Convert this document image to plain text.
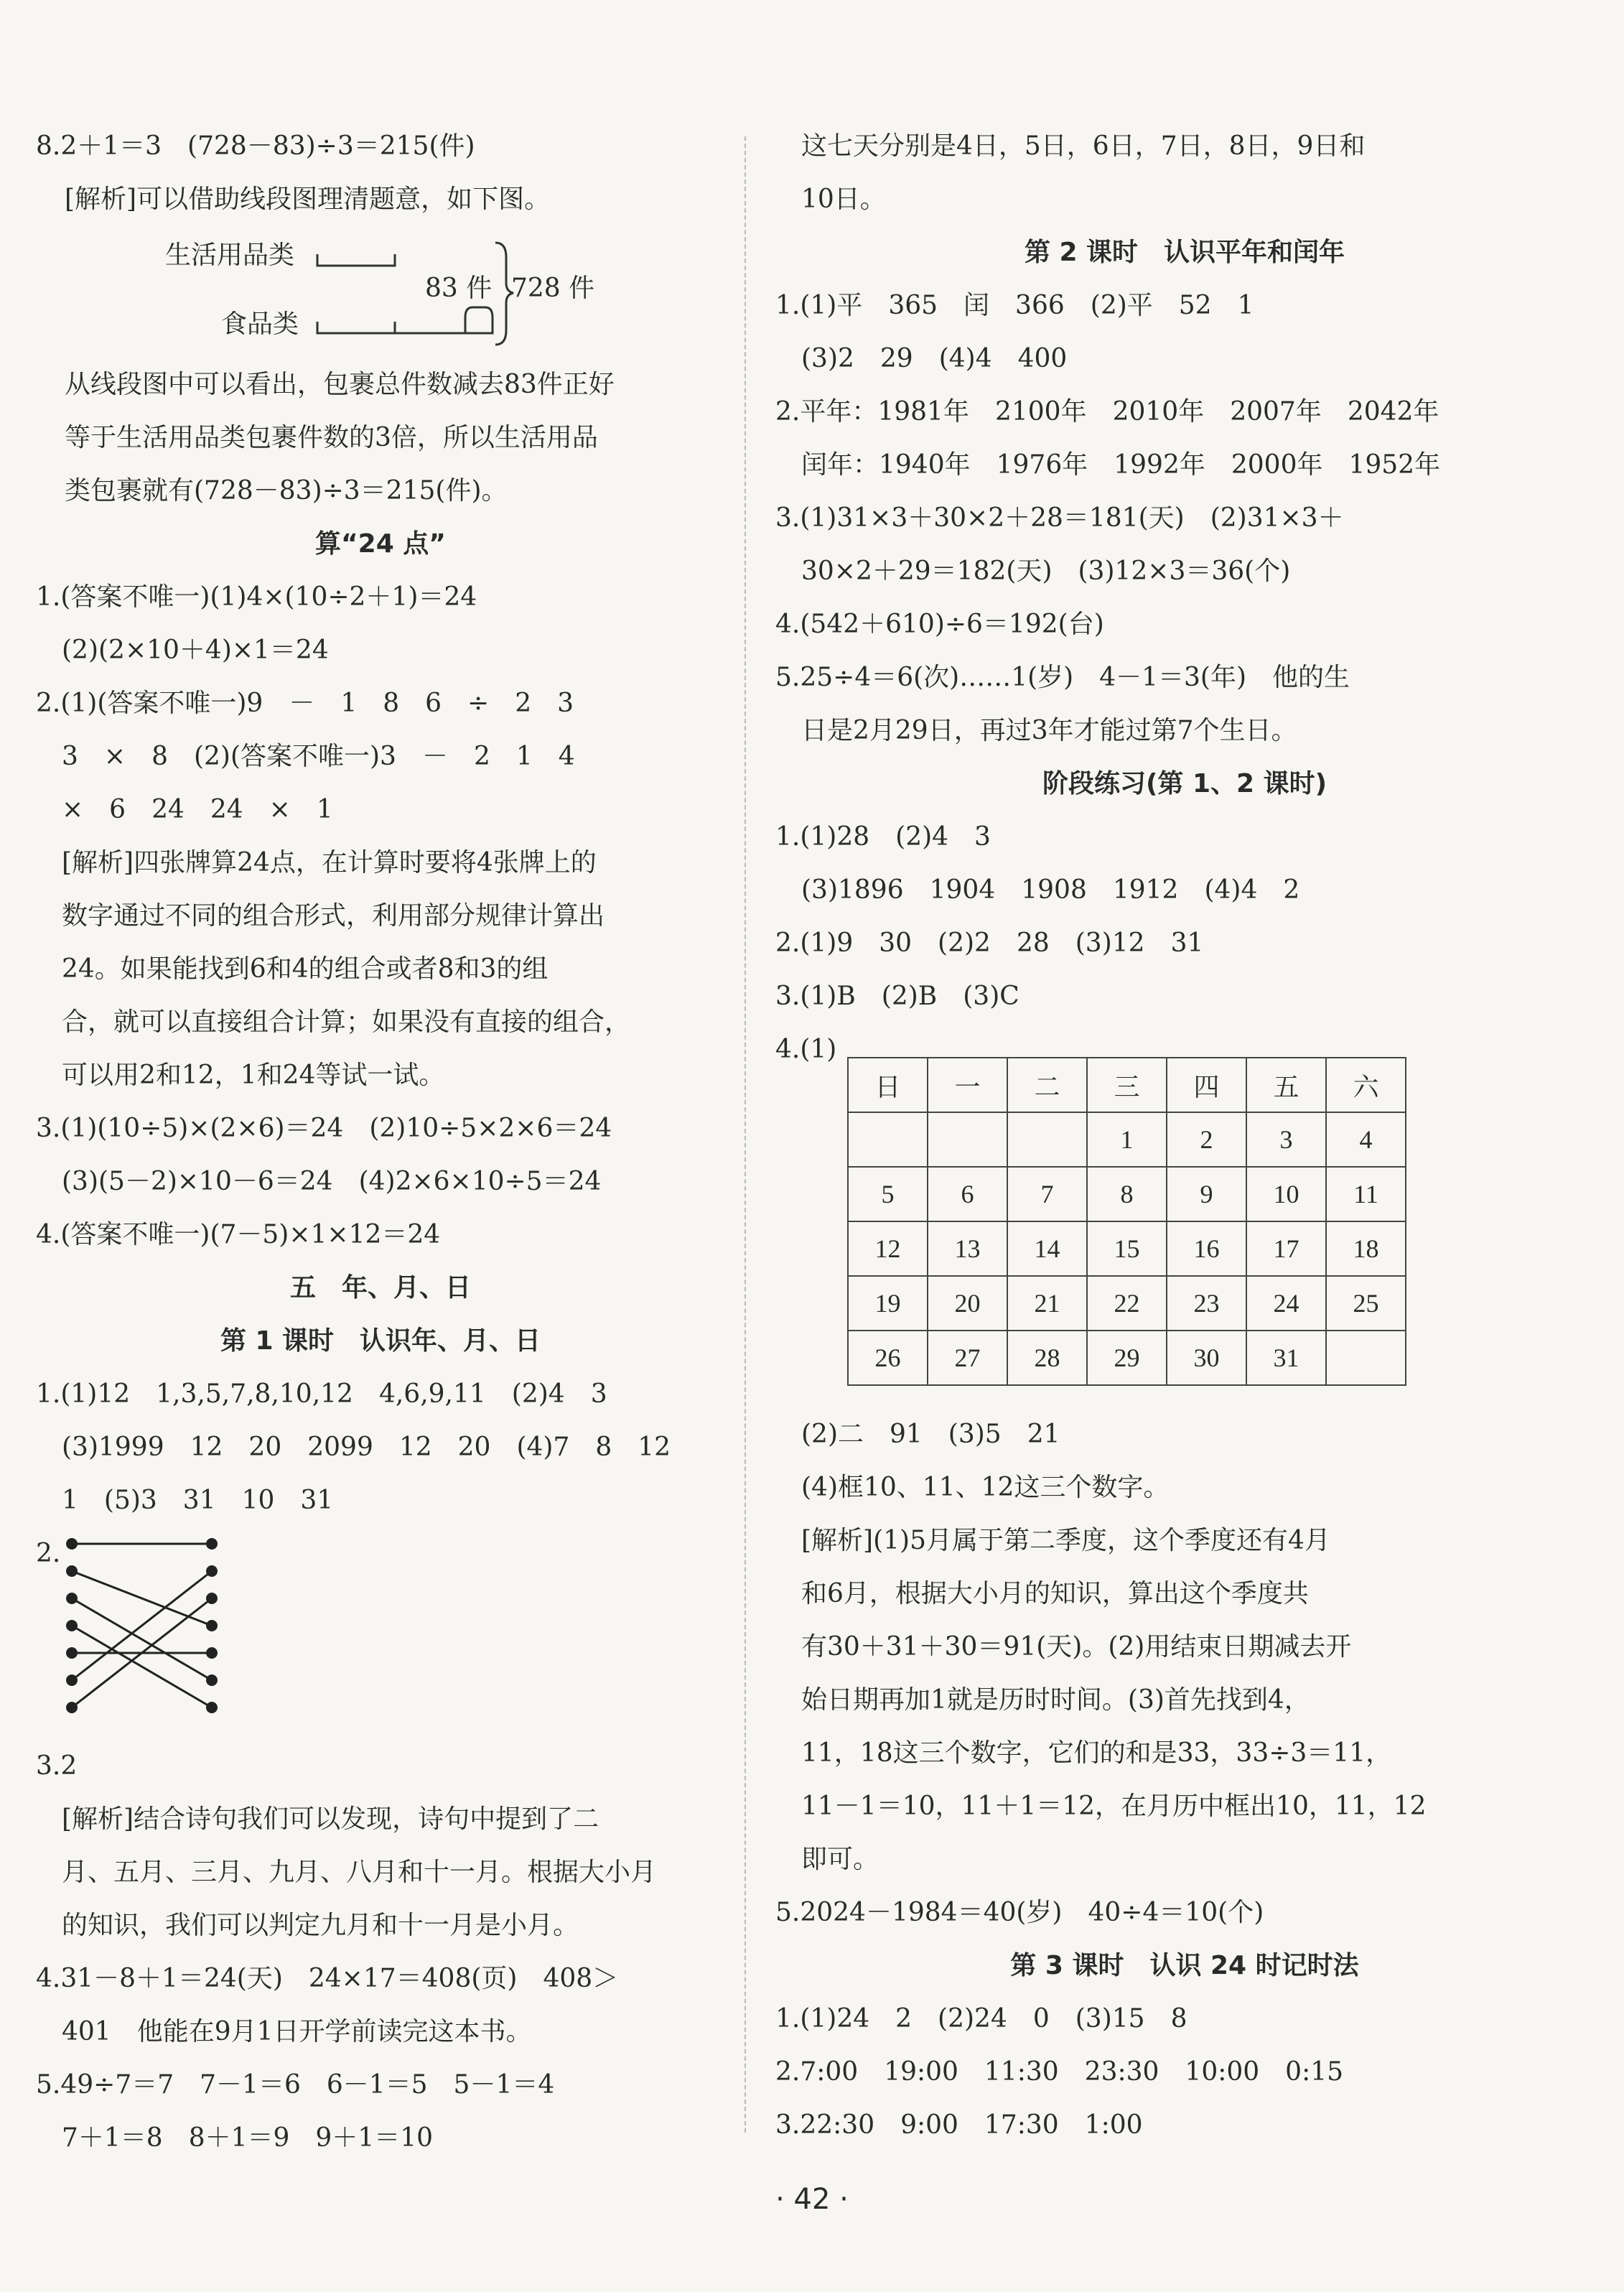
8.2＋1＝3　(728－83)÷3＝215(件)
[解析]可以借助线段图理清题意，如下图。
生活用品类
食品类
83 件 728 件
从线段图中可以看出，包裹总件数减去83件正好
等于生活用品类包裹件数的3倍，所以生活用品
类包裹就有(728－83)÷3＝215(件)。
算“24 点”
1.(答案不唯一)(1)4×(10÷2＋1)＝24
　(2)(2×10＋4)×1＝24
2.(1)(答案不唯一)9　－　1　8　6　÷　2　3
　3　×　8　(2)(答案不唯一)3　－　2　1　4
　×　6　24　24　×　1
　[解析]四张牌算24点，在计算时要将4张牌上的
　数字通过不同的组合形式，利用部分规律计算出
　24。如果能找到6和4的组合或者8和3的组
　合，就可以直接组合计算；如果没有直接的组合，
　可以用2和12，1和24等试一试。
3.(1)(10÷5)×(2×6)＝24　(2)10÷5×2×6＝24
　(3)(5－2)×10－6＝24　(4)2×6×10÷5＝24
4.(答案不唯一)(7－5)×1×12＝24
五　年、月、日
第 1 课时　认识年、月、日
1.(1)12　1,3,5,7,8,10,12　4,6,9,11　(2)4　3
　(3)1999　12　20　2099　12　20　(4)7　8　12
　1　(5)3　31　10　31
2.
3.2
　[解析]结合诗句我们可以发现，诗句中提到了二
　月、五月、三月、九月、八月和十一月。根据大小月
　的知识，我们可以判定九月和十一月是小月。
4.31－8＋1＝24(天)　24×17＝408(页)　408＞
　401　他能在9月1日开学前读完这本书。
5.49÷7＝7　7－1＝6　6－1＝5　5－1＝4
　7＋1＝8　8＋1＝9　9＋1＝10
　这七天分别是4日，5日，6日，7日，8日，9日和
　10日。
第 2 课时　认识平年和闰年
1.(1)平　365　闰　366　(2)平　52　1
　(3)2　29　(4)4　400
2.平年：1981年　2100年　2010年　2007年　2042年
　闰年：1940年　1976年　1992年　2000年　1952年
3.(1)31×3＋30×2＋28＝181(天)　(2)31×3＋
　30×2＋29＝182(天)　(3)12×3＝36(个)
4.(542＋610)÷6＝192(台)
5.25÷4＝6(次)……1(岁)　4－1＝3(年)　他的生
　日是2月29日，再过3年才能过第7个生日。
阶段练习(第 1、2 课时)
1.(1)28　(2)4　3
　(3)1896　1904　1908　1912　(4)4　2
2.(1)9　30　(2)2　28　(3)12　31
3.(1)B　(2)B　(3)C
4.(1)
日	一	二	三	四	五	六
			1	2	3	4
5	6	7	8	9	10	11
12	13	14	15	16	17	18
19	20	21	22	23	24	25
26	27	28	29	30	31	
　(2)二　91　(3)5　21
　(4)框10、11、12这三个数字。
　[解析](1)5月属于第二季度，这个季度还有4月
　和6月，根据大小月的知识，算出这个季度共
　有30＋31＋30＝91(天)。(2)用结束日期减去开
　始日期再加1就是历时时间。(3)首先找到4，
　11，18这三个数字，它们的和是33，33÷3＝11，
　11－1＝10，11＋1＝12，在月历中框出10，11，12
　即可。
5.2024－1984＝40(岁)　40÷4＝10(个)
第 3 课时　认识 24 时记时法
1.(1)24　2　(2)24　0　(3)15　8
2.7:00　19:00　11:30　23:30　10:00　0:15
3.22:30　9:00　17:30　1:00
· 42 ·
